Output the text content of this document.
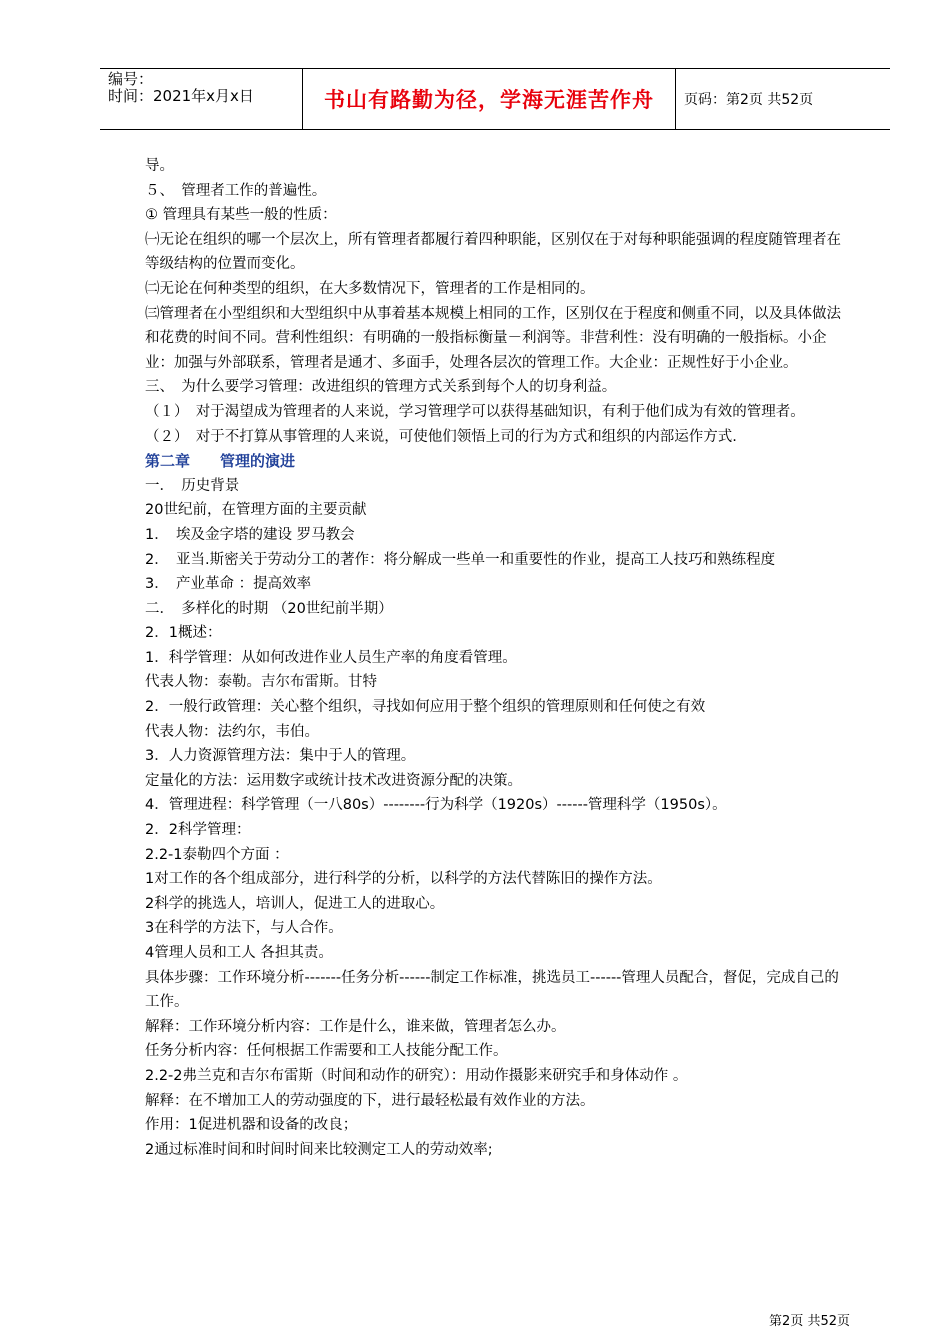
编号：
时间：2021年x月x日	书山有路勤为径，学海无涯苦作舟	页码：第2页 共52页

导。

５、　管理者工作的普遍性。

① 管理具有某些一般的性质：

㈠无论在组织的哪一个层次上，所有管理者都履行着四种职能，区别仅在于对每种职能强调的程度随管理者在等级结构的位置而变化。

㈡无论在何种类型的组织，在大多数情况下，管理者的工作是相同的。

㈢管理者在小型组织和大型组织中从事着基本规模上相同的工作，区别仅在于程度和侧重不同，以及具体做法和花费的时间不同。营利性组织：有明确的一般指标衡量－利润等。非营利性：没有明确的一般指标。小企业：加强与外部联系，管理者是通才、多面手，处理各层次的管理工作。大企业：正规性好于小企业。

三、　为什么要学习管理：改进组织的管理方式关系到每个人的切身利益。

（１）　对于渴望成为管理者的人来说，学习管理学可以获得基础知识，有利于他们成为有效的管理者。

（２）　对于不打算从事管理的人来说，可使他们领悟上司的行为方式和组织的内部运作方式.

第二章　　管理的演进

一．　历史背景

20世纪前，在管理方面的主要贡献

1．　埃及金字塔的建设 罗马教会

2．　亚当.斯密关于劳动分工的著作：将分解成一些单一和重要性的作业，提高工人技巧和熟练程度

3．　产业革命 ：提高效率

二．　多样化的时期 （20世纪前半期）

2．1概述：

1．科学管理：从如何改进作业人员生产率的角度看管理。

代表人物：泰勒。吉尔布雷斯。甘特

2．一般行政管理：关心整个组织，寻找如何应用于整个组织的管理原则和任何使之有效

代表人物：法约尔，韦伯。

3．人力资源管理方法：集中于人的管理。

定量化的方法：运用数字或统计技术改进资源分配的决策。

4．管理进程：科学管理（一八80s）--------行为科学（1920s）------管理科学（1950s）。

2．2科学管理：

2.2-1泰勒四个方面 ：

1对工作的各个组成部分，进行科学的分析，以科学的方法代替陈旧的操作方法。

2科学的挑选人，培训人，促进工人的进取心。

3在科学的方法下，与人合作。

4管理人员和工人 各担其责。

具体步骤：工作环境分析-------任务分析------制定工作标准，挑选员工------管理人员配合，督促，完成自己的工作。

解释：工作环境分析内容：工作是什么，谁来做，管理者怎么办。

任务分析内容：任何根据工作需要和工人技能分配工作。

2.2-2弗兰克和吉尔布雷斯（时间和动作的研究）：用动作摄影来研究手和身体动作 。

解释：在不增加工人的劳动强度的下，进行最轻松最有效作业的方法。

作用：1促进机器和设备的改良；

2通过标准时间和时间时间来比较测定工人的劳动效率;

第2页 共52页
